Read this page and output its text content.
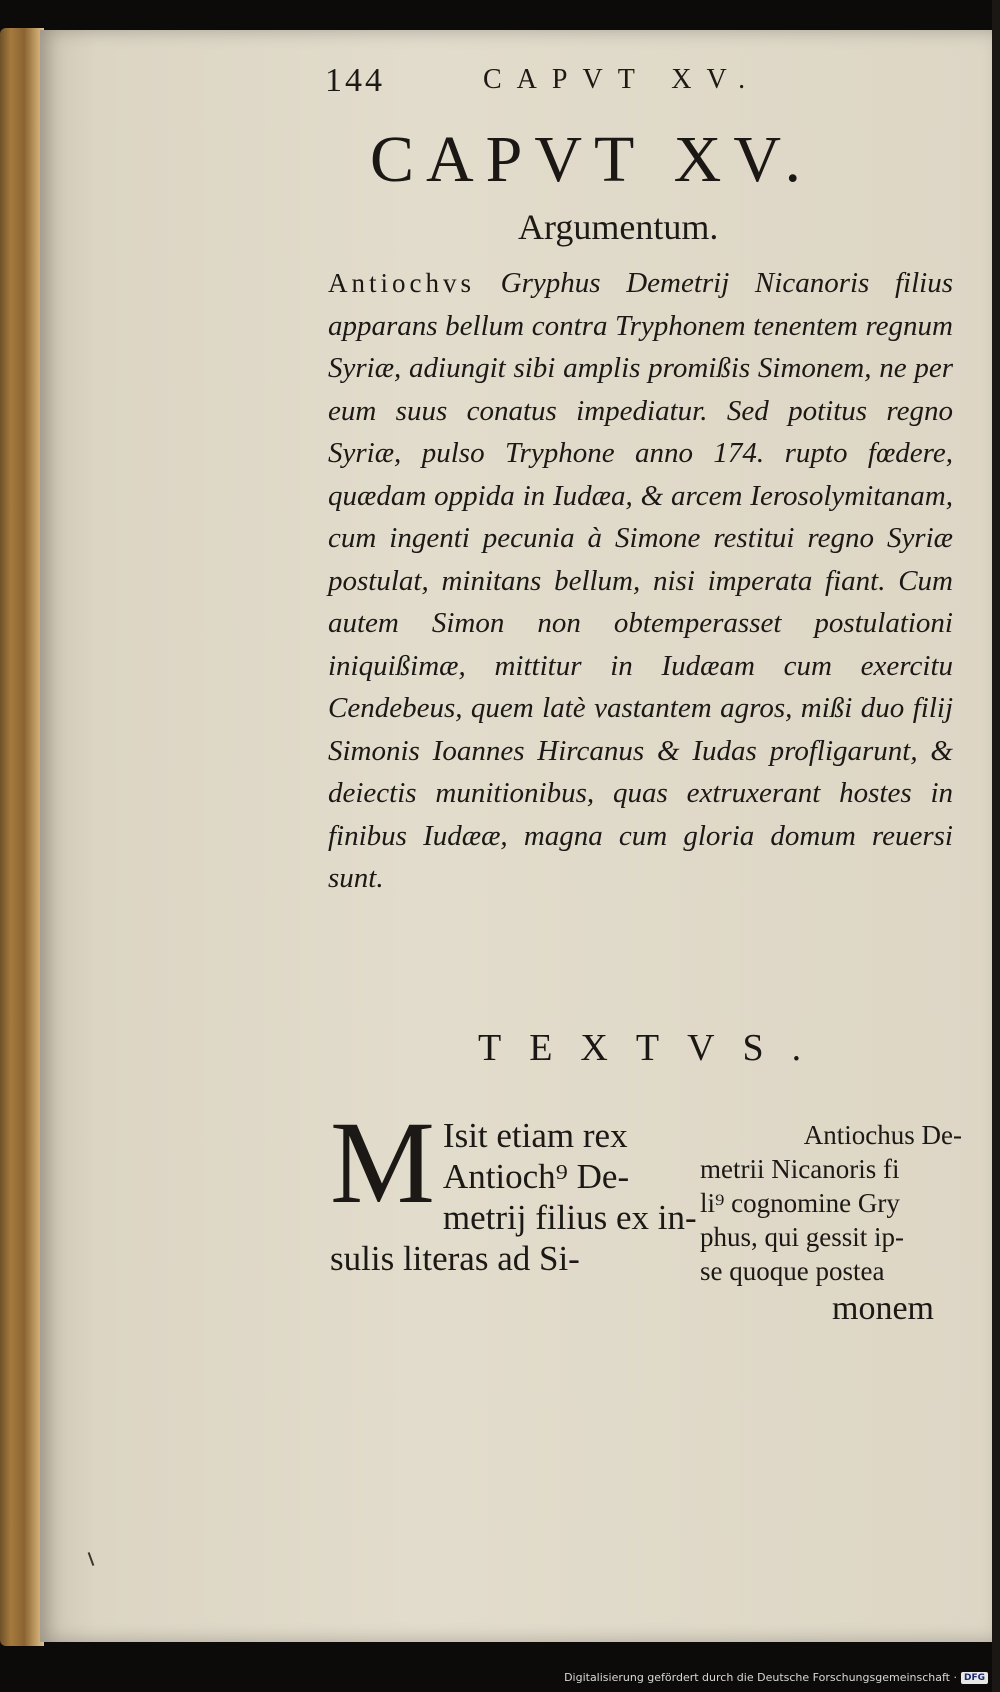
144	CAPVT XV.
CAPVT XV.
Argumentum.
Antiochvs Gryphus Demetrij Nicanoris filius apparans bellum contra Tryphonem tenentem regnum Syriæ, adiungit sibi amplis promißis Simonem, ne per eum suus conatus impediatur. Sed potitus regno Syriæ, pulso Tryphone anno 174. rupto fœdere, quædam oppida in Iudæa, & arcem Ierosolymitanam, cum ingenti pecunia à Simone restitui regno Syriæ postulat, minitans bellum, nisi imperata fiant. Cum autem Simon non obtemperasset postulationi iniquißimæ, mittitur in Iudæam cum exercitu Cendebeus, quem latè vastantem agros, mißi duo filij Simonis Ioannes Hircanus & Iudas profligarunt, & deiectis munitionibus, quas extruxerant hostes in finibus Iudææ, magna cum gloria domum reuersi sunt.
TEXTVS.
M Isit etiam rex
Antioch⁹ De-
metrij filius ex in-
sulis literas ad Si-
Antiochus De-
metrii Nicanoris fi
li⁹ cognomine Gry
phus, qui gessit ip-
se quoque postea
monem
Digitalisierung gefördert durch die Deutsche Forschungsgemeinschaft · DFG
